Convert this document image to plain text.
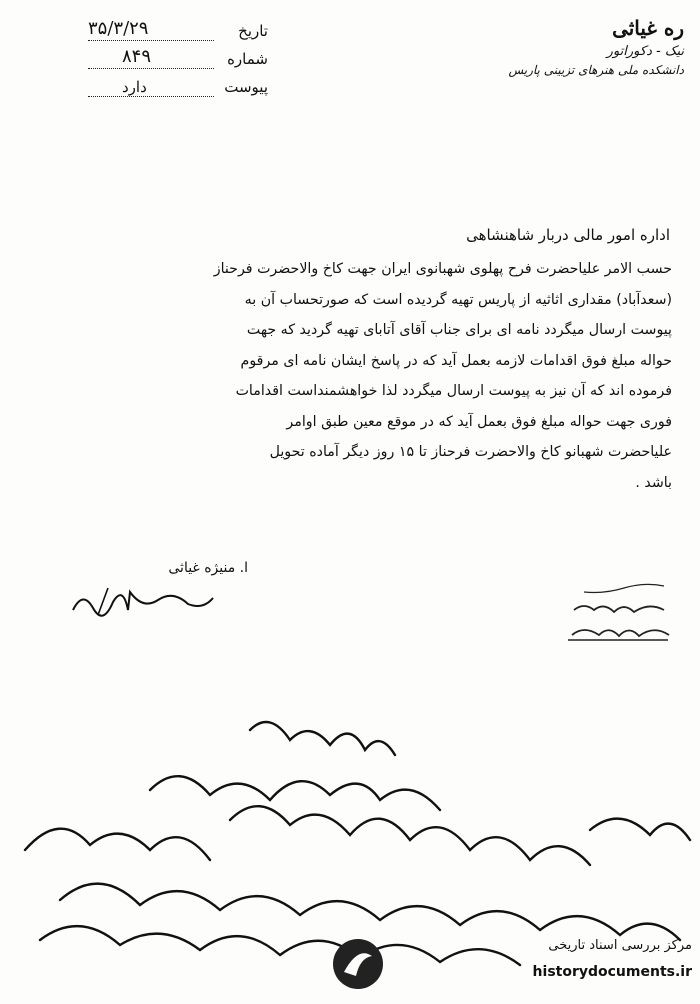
تاریخ
۳۵/۳/۲۹
شماره
۸۴۹
پیوست
دارد
ره غیاثی
نیک - دکوراتور
دانشکده ملی هنرهای تزیینی پاریس
اداره امور مالی دربار شاهنشاهی
حسب الامر علیاحضرت فرح پهلوی شهبانوی ایران جهت کاخ والاحضرت فرحناز
(سعدآباد) مقداری اثاثیه از پاریس تهیه گردیده است که صورتحساب آن به
پیوست ارسال میگردد نامه ای برای جناب آقای آتابای تهیه گردید که جهت
حواله مبلغ فوق اقدامات لازمه بعمل آید که در پاسخ ایشان نامه ای مرقوم
فرموده اند که آن نیز به پیوست ارسال میگردد لذا خواهشمنداست اقدامات
فوری جهت حواله مبلغ فوق بعمل آید که در موقع معین طبق اوامر
علیاحضرت شهبانو کاخ والاحضرت فرحناز تا ۱۵ روز دیگر آماده تحویل
باشد .
ا. منیژه غیاثی
مرکز بررسی اسناد تاریخی
historydocuments.ir
